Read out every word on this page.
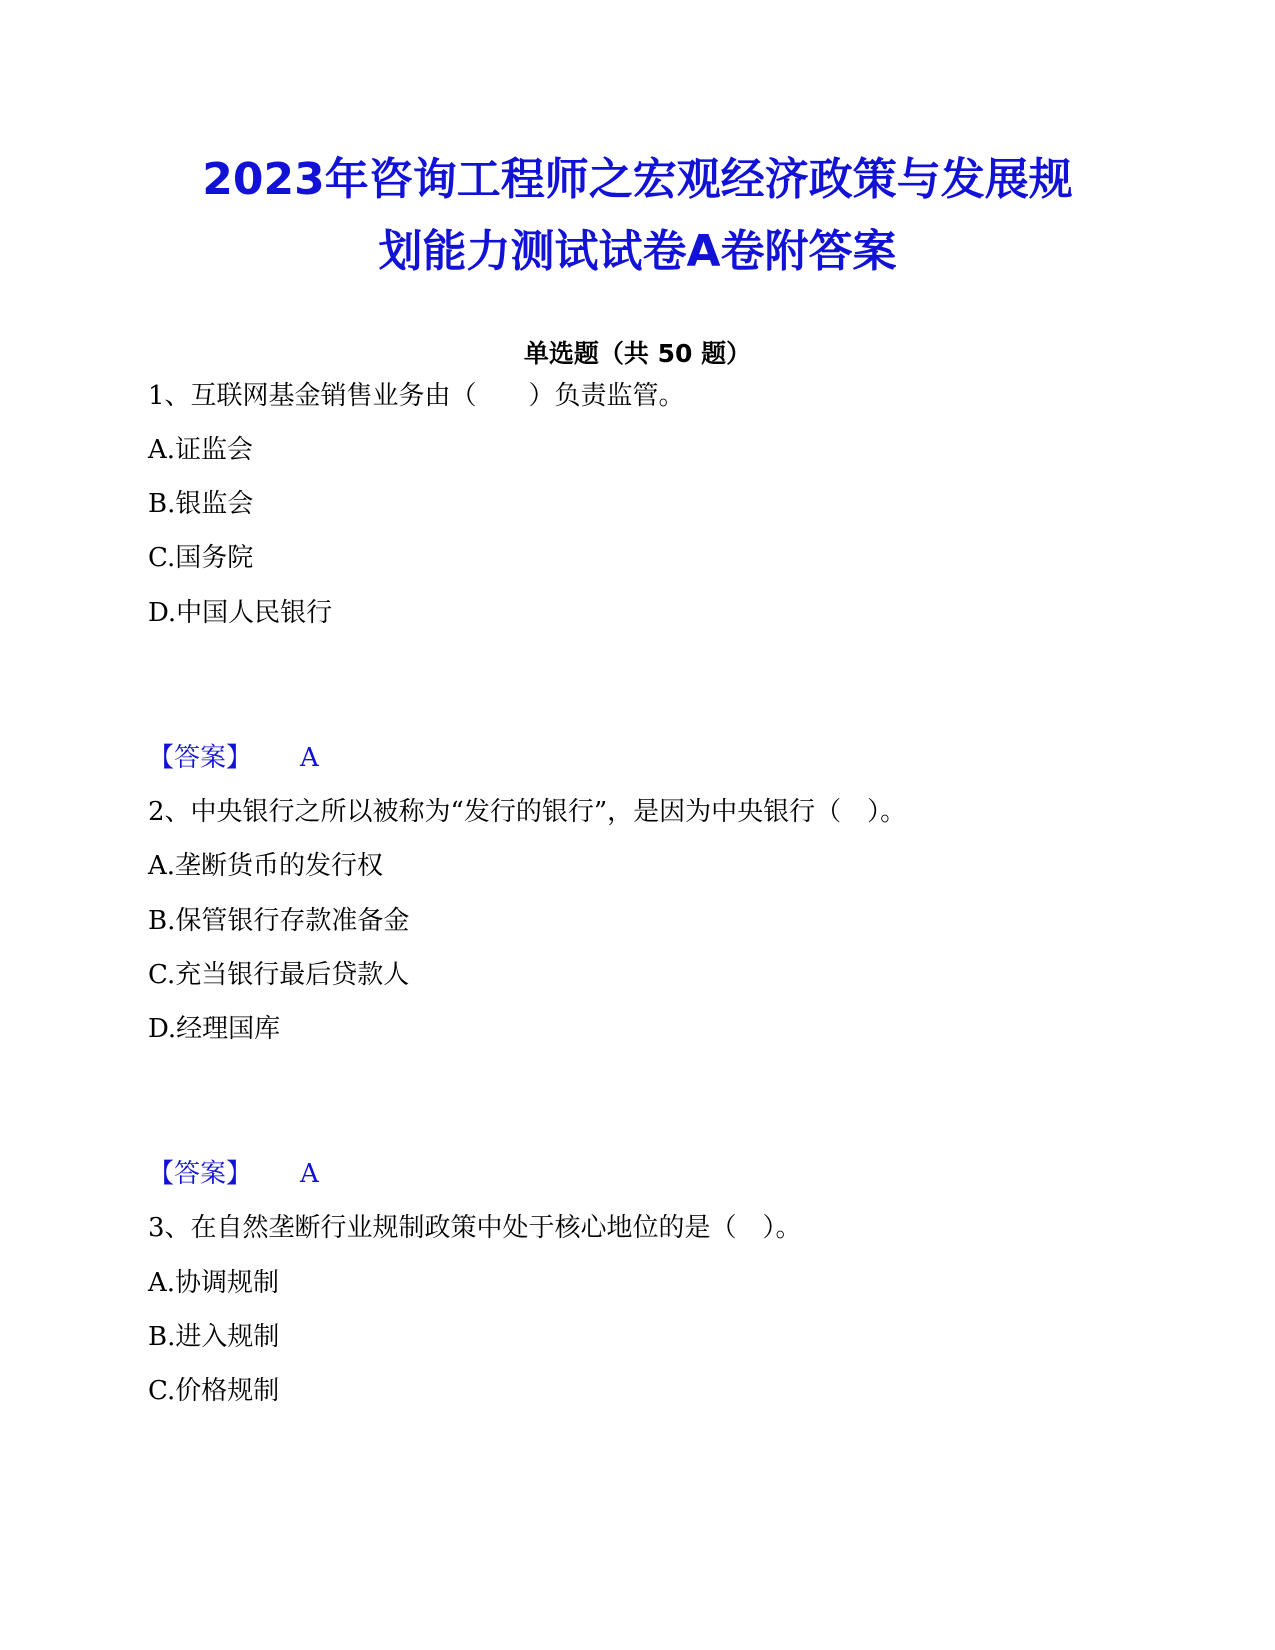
2023年咨询工程师之宏观经济政策与发展规
划能力测试试卷A卷附答案
单选题（共 50 题）
1、互联网基金销售业务由（　　）负责监管。
A.证监会
B.银监会
C.国务院
D.中国人民银行
【答案】 A
2、中央银行之所以被称为“发行的银行”，是因为中央银行（　）。
A.垄断货币的发行权
B.保管银行存款准备金
C.充当银行最后贷款人
D.经理国库
【答案】 A
3、在自然垄断行业规制政策中处于核心地位的是（　）。
A.协调规制
B.进入规制
C.价格规制
